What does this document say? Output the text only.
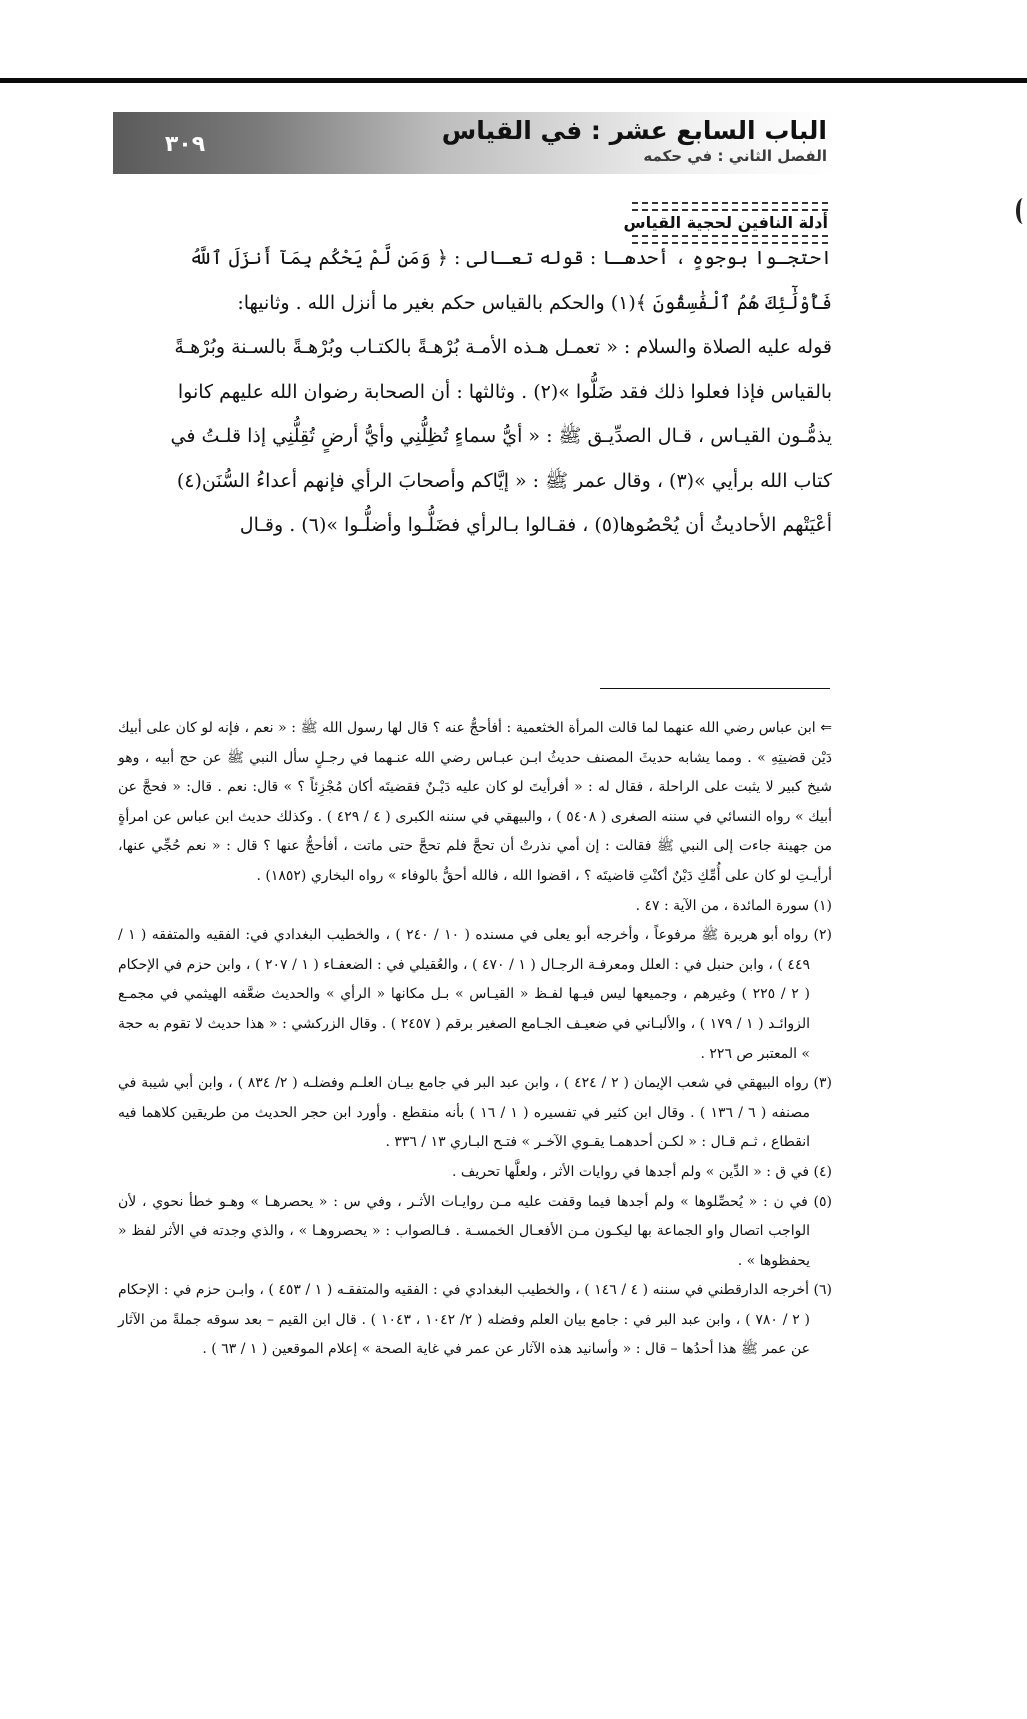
٣٠٩	الباب السابع عشر : في القياس
الفصل الثاني : في حكمه
أدلة النافين لحجية القياس
احتجـوا بوجوهٍ ، أحدهـا : قوله تعـالى : ﴿ وَمَن لَّمْ يَحْكُم بِمَآ أَنزَلَ ٱللَّهُ
فَأُوْلَٰٓئِكَ هُمُ ٱلْفَٰسِقُونَ ﴾(١) والحكم بالقياس حكم بغير ما أنزل الله . وثانيها:
قوله عليه الصلاة والسلام : « تعمـل هـذه الأمـة بُرْهـةً بالكتـاب وبُرْهـةً بالسـنة وبُرْهـةً
بالقياس فإذا فعلوا ذلك فقد ضَلُّوا »(٢) . وثالثها : أن الصحابة رضوان الله عليهم كانوا
يذمُّـون القيـاس ، قـال الصدِّيـق ﷺ : « أيُّ سماءٍ تُظِلُّنِي وأيُّ أرضٍ تُقِلُّنِي إذا قلـتُ في
كتاب الله برأيي »(٣) ، وقال عمر ﷺ : « إيَّاكم وأصحابَ الرأي فإنهم أعداءُ السُّنَن(٤)
أعْيَتْهم الأحاديثُ أن يُحْصُوها(٥) ، فقـالوا بـالرأي فضَلُّـوا وأضلُّـوا »(٦) . وقـال

⇐ ابن عباس رضي الله عنهما لما قالت المرأة الخثعمية : أفأحجُّ عنه ؟ قال لها رسول الله ﷺ : « نعم ، فإنه لو كان على أبيك دَيْن قضيتِهِ » . ومما يشابه حديثَ المصنف حديثُ ابـن عبـاس رضي الله عنـهما في رجـلٍ سأل النبي ﷺ عن حج أبيه ، وهو شيخ كبير لا يثبت على الراحلة ، فقال له : « أفرأيتَ لو كان عليه دَيْـنٌ فقضيتَه أكان مُجْزِئاً ؟ » قال: نعم . قال: « فحجَّ عن أبيك » رواه النسائي في سننه الصغرى ( ٥٤٠٨ ) ، والبيهقي في سننه الكبرى ( ٤ / ٤٢٩ ) . وكذلك حديث ابن عباس عن امرأةٍ من جهينة جاءت إلى النبي ﷺ فقالت : إن أمي نذرتْ أن تحجَّ فلم تحجَّ حتى ماتت ، أفأحجُّ عنها ؟ قال : « نعم حُجِّي عنها، أرأيـتِ لو كان على أُمِّكِ دَيْنٌ أكنْتِ قاضيتَه ؟ ، اقضوا الله ، فالله أحقُّ بالوفاء » رواه البخاري (١٨٥٢) .

(١) سورة المائدة ، من الآية : ٤٧ .

(٢) رواه أبو هريرة ﷺ مرفوعاً ، وأخرجه أبو يعلى في مسنده ( ١٠ / ٢٤٠ ) ، والخطيب البغدادي في: الفقيه والمتفقه ( ١ / ٤٤٩ ) ، وابن حنبل في : العلل ومعرفـة الرجـال ( ١ / ٤٧٠ ) ، والعُقيلي في : الضعفـاء ( ١ / ٢٠٧ ) ، وابن حزم في الإحكام ( ٢ / ٢٢٥ ) وغيرهم ، وجميعها ليس فيـها لفـظ « القيـاس » بـل مكانها « الرأي » والحديث ضعَّفه الهيثمي في مجمـع الزوائـد ( ١ / ١٧٩ ) ، والألبـاني في ضعيـف الجـامع الصغير برقم ( ٢٤٥٧ ) . وقال الزركشي : « هذا حديث لا تقوم به حجة » المعتبر ص ٢٢٦ .

(٣) رواه البيهقي في شعب الإيمان ( ٢ / ٤٢٤ ) ، وابن عبد البر في جامع بيـان العلـم وفضلـه ( ٢/ ٨٣٤ ) ، وابن أبي شيبة في مصنفه ( ٦ / ١٣٦ ) . وقال ابن كثير في تفسيره ( ١ / ١٦ ) بأنه منقطع . وأورد ابن حجر الحديث من طريقين كلاهما فيه انقطاع ، ثـم قـال : « لكـن أحدهمـا يقـوي الآخـر » فتـح البـاري ١٣ / ٣٣٦ .

(٤) في ق : « الدِّين » ولم أجدها في روايات الأثر ، ولعلَّها تحريف .

(٥) في ن : « يُحصِّلوها » ولم أجدها فيما وقفت عليه مـن روايـات الأثـر ، وفي س : « يحصرهـا » وهـو خطأ نحوي ، لأن الواجب اتصال واو الجماعة بها ليكـون مـن الأفعـال الخمسـة . فـالصواب : « يحصروهـا » ، والذي وجدته في الأثر لفظ « يحفظوها » .

(٦) أخرجه الدارقطني في سننه ( ٤ / ١٤٦ ) ، والخطيب البغدادي في : الفقيه والمتفقـه ( ١ / ٤٥٣ ) ، وابـن حزم في : الإحكام ( ٢ / ٧٨٠ ) ، وابن عبد البر في : جامع بيان العلم وفضله ( ٢/ ١٠٤٢ ، ١٠٤٣ ) . قال ابن القيم – بعد سوقه جملةً من الآثار عن عمر ﷺ هذا أحدُها – قال : « وأسانيد هذه الآثار عن عمر في غاية الصحة » إعلام الموقعين ( ١ / ٦٣ ) .
